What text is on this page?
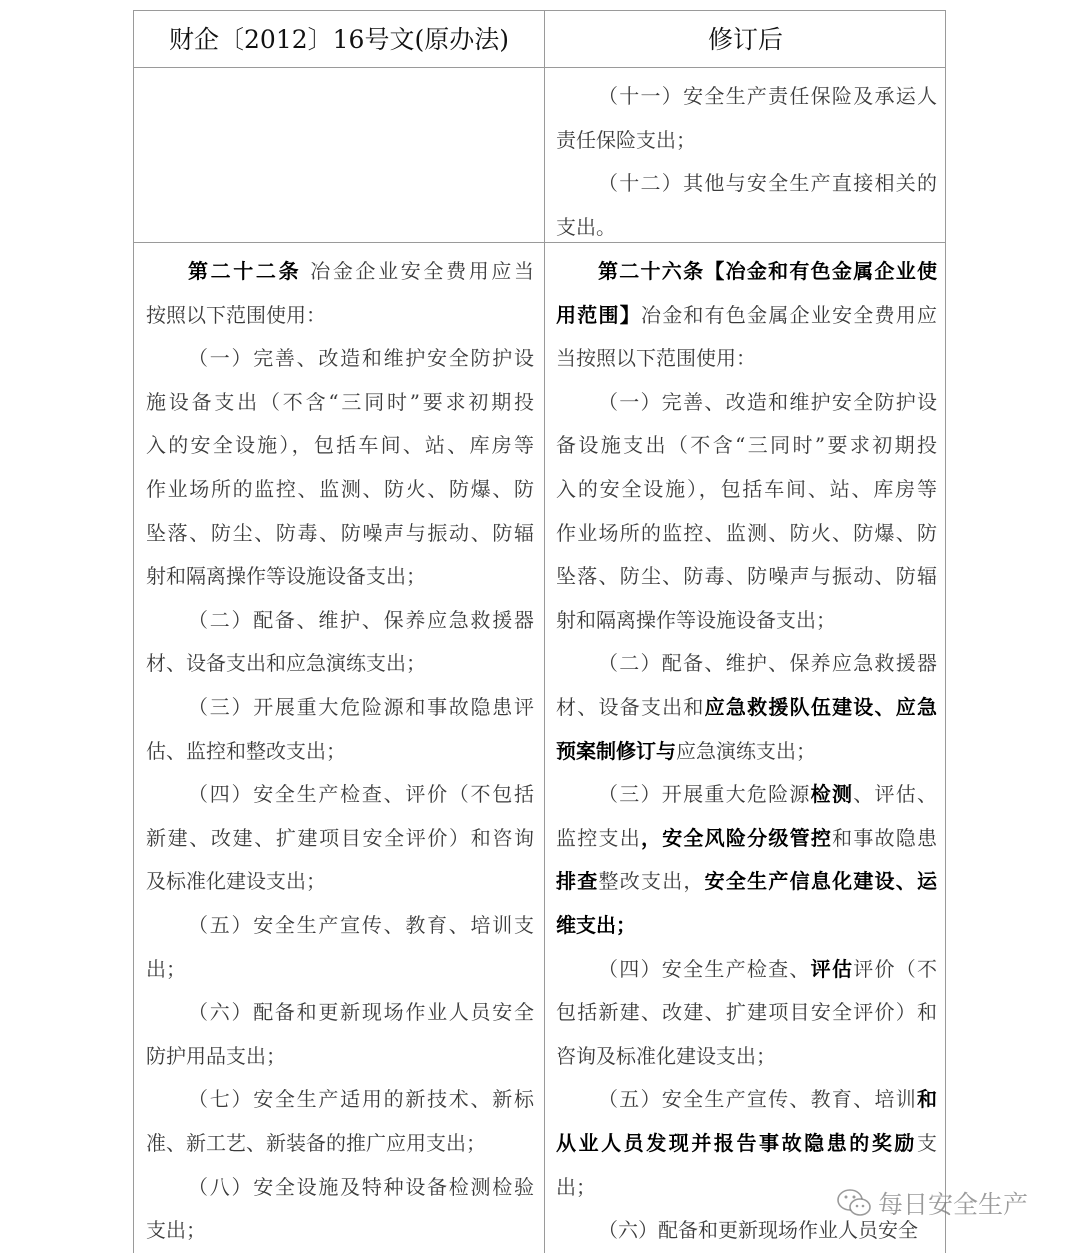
财企〔2012〕16号文(原办法)	修订后
（十一）安全生产责任保险及承运人
责任保险支出；
（十二）其他与安全生产直接相关的
支出。
第二十二条 冶金企业安全费用应当
按照以下范围使用：
（一）完善、改造和维护安全防护设
施设备支出（不含“三同时”要求初期投
入的安全设施），包括车间、站、库房等
作业场所的监控、监测、防火、防爆、防
坠落、防尘、防毒、防噪声与振动、防辐
射和隔离操作等设施设备支出；
（二）配备、维护、保养应急救援器
材、设备支出和应急演练支出；
（三）开展重大危险源和事故隐患评
估、监控和整改支出；
（四）安全生产检查、评价（不包括
新建、改建、扩建项目安全评价）和咨询
及标准化建设支出；
（五）安全生产宣传、教育、培训支
出；
（六）配备和更新现场作业人员安全
防护用品支出；
（七）安全生产适用的新技术、新标
准、新工艺、新装备的推广应用支出；
（八）安全设施及特种设备检测检验
支出；
第二十六条【冶金和有色金属企业使
用范围】冶金和有色金属企业安全费用应
当按照以下范围使用：
（一）完善、改造和维护安全防护设
备设施支出（不含“三同时”要求初期投
入的安全设施），包括车间、站、库房等
作业场所的监控、监测、防火、防爆、防
坠落、防尘、防毒、防噪声与振动、防辐
射和隔离操作等设施设备支出；
（二）配备、维护、保养应急救援器
材、设备支出和应急救援队伍建设、应急
预案制修订与应急演练支出；
（三）开展重大危险源检测、评估、
监控支出，安全风险分级管控和事故隐患
排查整改支出，安全生产信息化建设、运
维支出；
（四）安全生产检查、评估评价（不
包括新建、改建、扩建项目安全评价）和
咨询及标准化建设支出；
（五）安全生产宣传、教育、培训和
从业人员发现并报告事故隐患的奖励支
出；
（六）配备和更新现场作业人员安全
每日安全生产
